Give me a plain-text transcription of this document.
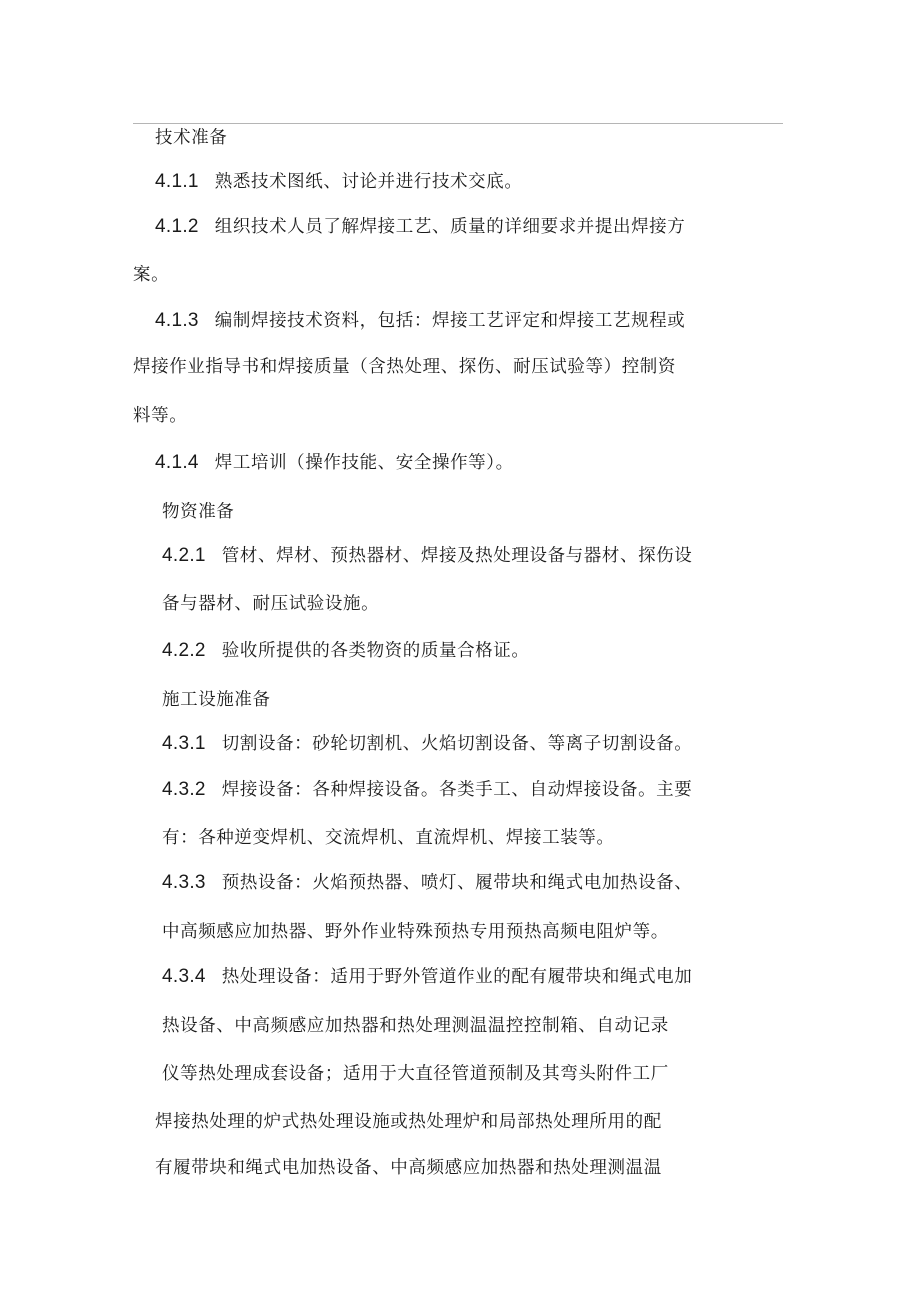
技术准备
4.1.1 熟悉技术图纸、讨论并进行技术交底。
4.1.2 组织技术人员了解焊接工艺、质量的详细要求并提出焊接方
案。
4.1.3 编制焊接技术资料，包括：焊接工艺评定和焊接工艺规程或
焊接作业指导书和焊接质量（含热处理、探伤、耐压试验等）控制资
料等。
4.1.4 焊工培训（操作技能、安全操作等）。
物资准备
4.2.1 管材、焊材、预热器材、焊接及热处理设备与器材、探伤设
备与器材、耐压试验设施。
4.2.2 验收所提供的各类物资的质量合格证。
施工设施准备
4.3.1 切割设备：砂轮切割机、火焰切割设备、等离子切割设备。
4.3.2 焊接设备：各种焊接设备。各类手工、自动焊接设备。主要
有：各种逆变焊机、交流焊机、直流焊机、焊接工装等。
4.3.3 预热设备：火焰预热器、喷灯、履带块和绳式电加热设备、
中高频感应加热器、野外作业特殊预热专用预热高频电阻炉等。
4.3.4 热处理设备：适用于野外管道作业的配有履带块和绳式电加
热设备、中高频感应加热器和热处理测温温控控制箱、自动记录
仪等热处理成套设备；适用于大直径管道预制及其弯头附件工厂
焊接热处理的炉式热处理设施或热处理炉和局部热处理所用的配
有履带块和绳式电加热设备、中高频感应加热器和热处理测温温
